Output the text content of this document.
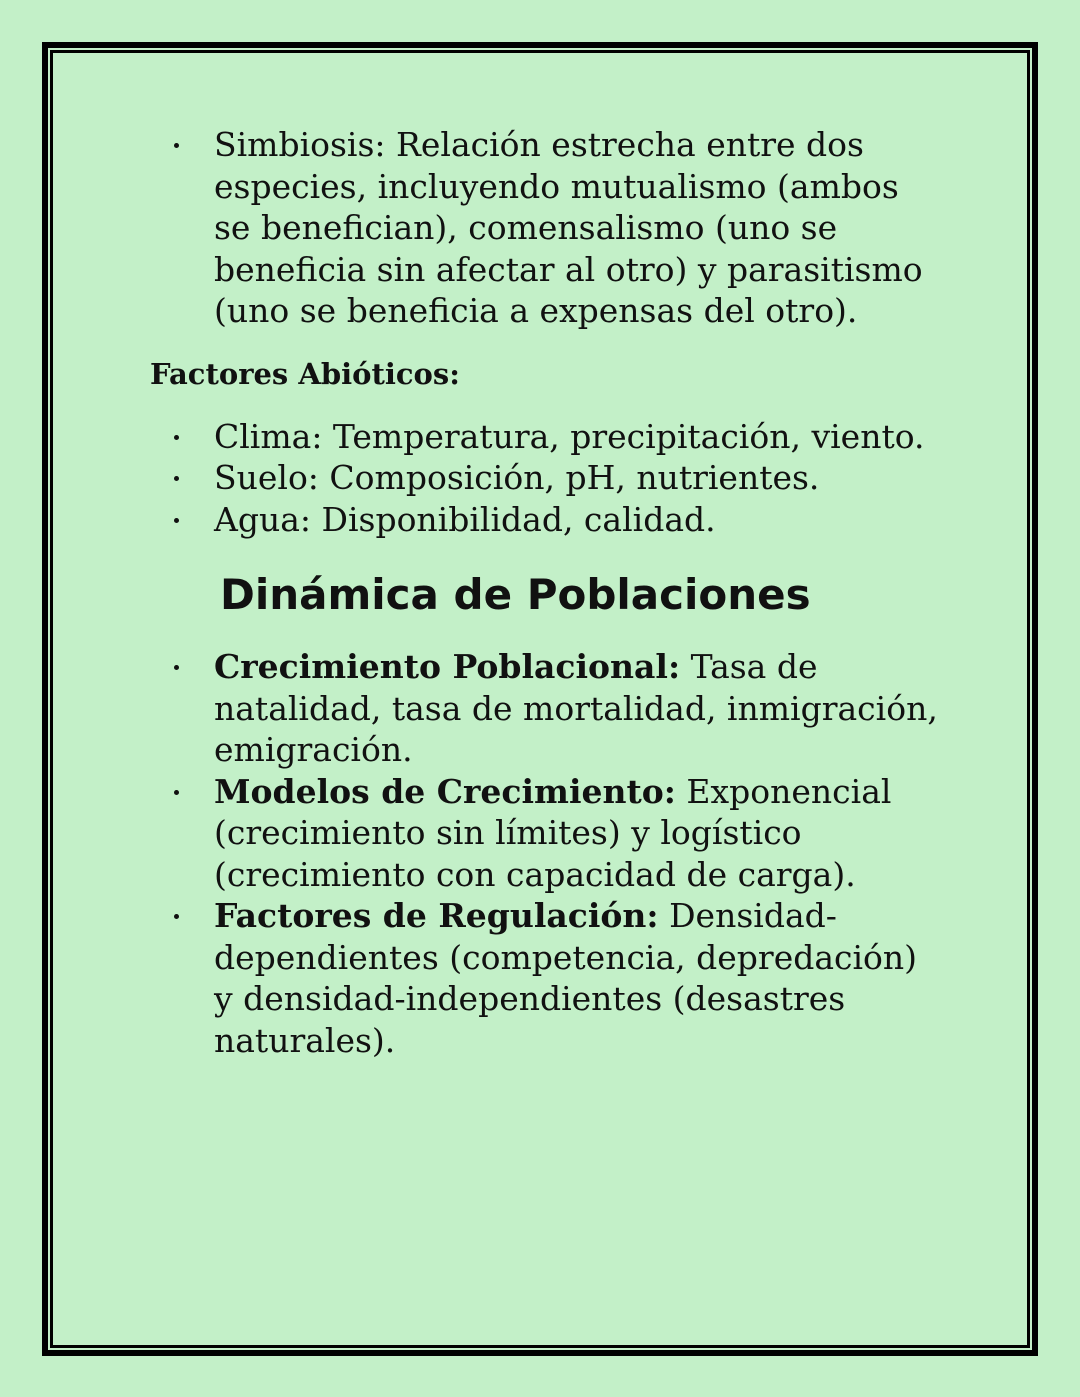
Simbiosis: Relación estrecha entre dos especies, incluyendo mutualismo (ambos se benefician), comensalismo (uno se beneficia sin afectar al otro) y parasitismo (uno se beneficia a expensas del otro).
Factores Abióticos:
Clima: Temperatura, precipitación, viento.
Suelo: Composición, pH, nutrientes.
Agua: Disponibilidad, calidad.
Dinámica de Poblaciones
Crecimiento Poblacional: Tasa de natalidad, tasa de mortalidad, inmigración, emigración.
Modelos de Crecimiento: Exponencial (crecimiento sin límites) y logístico (crecimiento con capacidad de carga).
Factores de Regulación: Densidad-dependientes (competencia, depredación) y densidad-independientes (desastres naturales).
